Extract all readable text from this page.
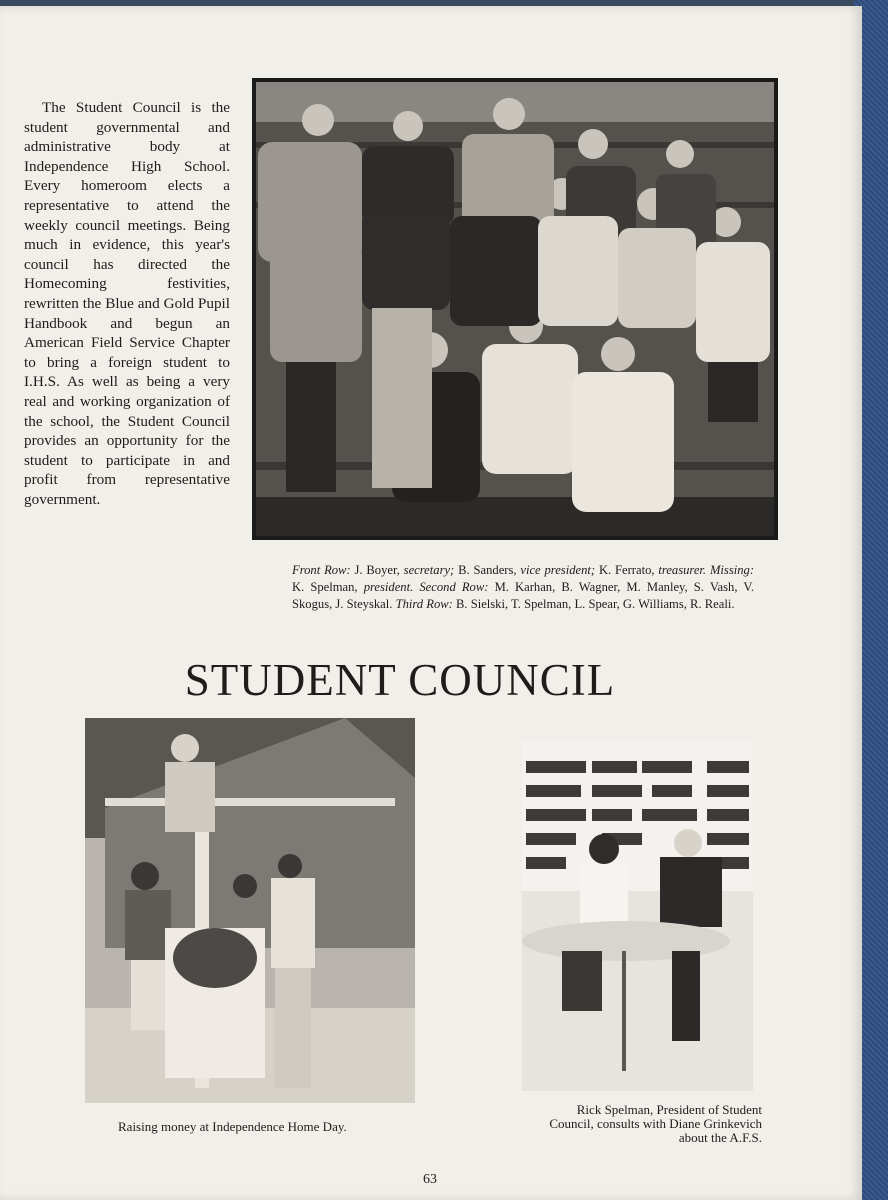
The Student Council is the student governmental and administrative body at Independence High School. Every homeroom elects a representative to attend the weekly council meetings. Being much in evidence, this year's council has directed the Homecoming festivities, rewritten the Blue and Gold Pupil Handbook and begun an American Field Service Chapter to bring a foreign student to I.H.S. As well as being a very real and working organization of the school, the Student Council provides an opportunity for the student to participate in and profit from representative government.

Front Row: J. Boyer, secretary; B. Sanders, vice president; K. Ferrato, treasurer. Missing: K. Spelman, president. Second Row: M. Karhan, B. Wagner, M. Manley, S. Vash, V. Skogus, J. Steyskal. Third Row: B. Sielski, T. Spelman, L. Spear, G. Williams, R. Reali.

STUDENT COUNCIL

Raising money at Independence Home Day.

Rick Spelman, President of Student Council, consults with Diane Grinkevich about the A.F.S.

63
